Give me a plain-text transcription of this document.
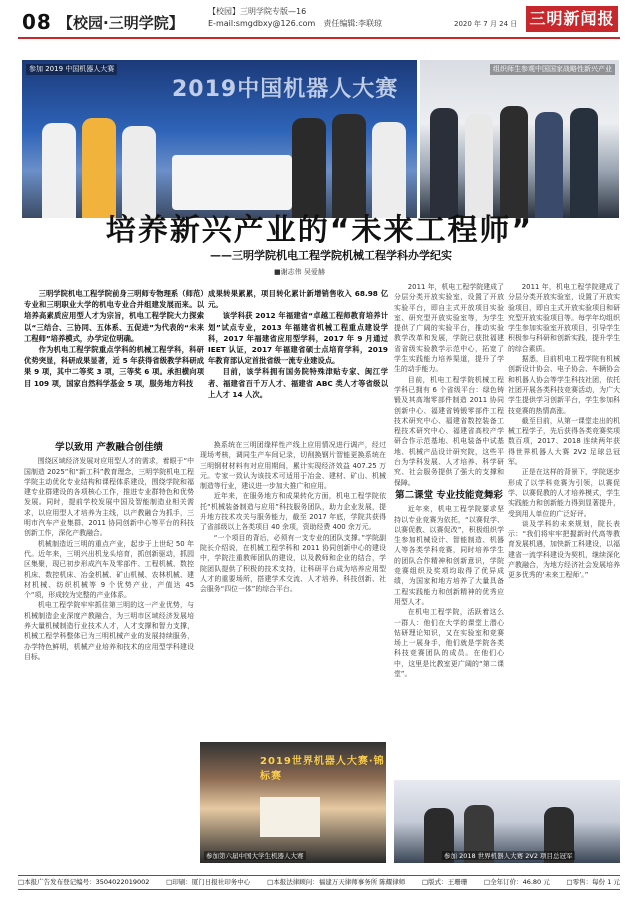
08 【校园·三明学院】
【校园】三明学院专版—16
E-mail:smgdbxy@126.com 责任编辑:李联琼	2020 年 7 月 24 日 三明新闻报
2019中国机器人大赛
参加 2019 中国机器人大赛	组织师生参观中国国家战略性新兴产业
培养新兴产业的“未来工程师”
——三明学院机电工程学院机械工程学科办学纪实
■谢志伟 吴爱赫
三明学院机电工程学院前身三明师专物理系（师范）专业和三明职业大学的机电专业合并组建发展而来。以培养高素质应用型人才为宗旨，机电工程学院大力探索以“三结合、三协同、五体系、五促进”为代表的“未来工程师”培养模式，办学定位明确。
作为机电工程学院重点学科的机械工程学科，科研优势突显，科研成果显著，近 5 年获得省级教学科研成果 9 项，其中二等奖 3 项，三等奖 6 项。承担横向项目 109 项，国家自然科学基金 5 项，服务地方科技
成果转果累累，项目转化累计新增销售收入 68.98 亿元。
该学科获 2012 年福建省“卓越工程师教育培养计划”试点专业，2013 年福建省机械工程重点建设学科，2017 年福建省应用型学科，2017 年 9 月通过 IEET 认证，2017 年福建省硕士点培育学科，2019 年教育部认定首批省级一流专业建设点。
目前，该学科拥有国务院特殊津贴专家、闽江学者、福建省百千万人才、福建省 ABC 类人才等省级以上人才 14 人次。
学以致用 产教融合创佳绩

围绕区域经济发展对应用型人才的需求，着眼于“中国制造 2025”和“新工科”教育理念，三明学院机电工程学院主动优化专业结构和课程体系建设，围绕学院和福建专业群建设的各项核心工作，推进专业群特色和优势发展。同时，提前学校发展中国及智能制造业相关需求，以应用型人才培养为主线，以产教融合为抓手，三明市汽车产业集群、2011 协同创新中心等平台的科技创新工作，深化产教融合。

机械制造近三明的重点产业，起步于上世纪 50 年代。近年来，三明兴出机龙头培育，抓创新驱动，抓园区集聚，现已初步形成汽车及零部件、工程机械、数控机床、数控机床、冶金机械、矿山机械、农林机械、建材机械、纺织机械等 9 个优势产业，产值达 45 个“项，形成较为完整的产业体系。

机电工程学院牢牢抓住第三明的这一产业优势，与机械制造企业深度产教融合，为三明市区域经济发展培养大量机械制造行业技术人才，人才支撑和智力支撑，机械工程学科整体已为三明机械产业的发展持续服务，办学特色鲜明，机械产业培养和技术的应用型学科建设目标。

换系统在三明团缘样性产线上应用情况进行调产，经过现场考核，调同生产车间记录，切削换钢片智能更换系统在三明钢材材料有对应用期间，累计实现经济效益 407.25 万元。专家一致认为该技术可适用于冶金、建材、矿山、机械制造等行业，建议进一步加大推广和应用。

近年来，在服务地方和成果转化方面，机电工程学院依托“机械装备制造与应用”科技服务团队，助力企业发展，提升地方技术攻关与服务能力，截至 2017 年底，学院共获得了省部级以上各类项目 40 余项，资助经费 400 余万元。

“一个项目的背后，必须有一支专业的团队支撑。”学院副院长介绍说，在机械工程学科和 2011 协同创新中心的建设中，学院注重教师团队的建设，以及教师和企业的结合，学院团队提供了积极的技术支持，让科研平台成为培养应用型人才的重要场所，搭建学术交流、人才培养、科技创新、社会服务“四位一体”的综合平台。

2011 年，机电工程学院建成了分层分类开放实验室，设置了开放实验平台，即自主式开放项目实验室、研究型开放实验室等，为学生提供了广阔的实验平台，推动实验教学改革和发展，学院已获批福建省省级实验教学示范中心，拓宽了学生实践能力培养渠道，提升了学生的动手能力。

目前，机电工程学院机械工程学科已拥有 6 个省级平台：绿色铸锻及其高端零部件制造 2011 协同创新中心、福建省铸锻零部件工程技术研究中心、福建省数控装备工程技术研究中心、福建省高校产学研合作示范基地、机电装备中试基地、机械产品设计研究院，这些平台为学科发展、人才培养、科学研究、社会服务提供了强大的支撑和保障。

第二课堂 专业技能竞舞彩

近年来，机电工程学院要求坚持以专业竞赛为依托，“以赛促学、以赛促教、以赛促改”，积极组织学生参加机械设计、智能制造、机器人等各类学科竞赛，同时培养学生的团队合作精神和创新意识，学院竞赛组织及奖项均取得了优异成绩，为国家和地方培养了大量具备工程实践能力和创新精神的优秀应用型人才。

在机电工程学院，活跃着这么一群人：他们在大学的课堂上潜心钻研理论知识，又在实验室和竞赛场上一展身手，他们就是学院各类科技竞赛团队的成员。在他们心中，这里是比教室更广阔的“第二课堂”。

2011 年，机电工程学院建成了分层分类开放实验室，设置了开放实验项目，即自主式开放实验项目和研究型开放实验项目等。每学年均组织学生参加实验室开放项目，引导学生积极参与科研和创新实践，提升学生的综合素质。

据悉，目前机电工程学院有机械创新设计协会、电子协会、车辆协会和机器人协会等学生科技社团，依托社团开展各类科技竞赛活动，为广大学生提供学习创新平台，学生参加科技竞赛的热情高涨。

截至目前，从第一课堂走出的机械工程学子，先后获得各类竞赛奖项数百项，2017、2018 连续两年获得世界机器人大赛 2V2 足球总冠军。

正是在这样的背景下，学院逐步形成了以学科竞赛为引领，以赛促学、以赛促教的人才培养模式，学生实践能力和创新能力得到显著提升，受到用人单位的广泛好评。

谈及学科的未来规划，院长表示：“我们将牢牢把握新时代高等教育发展机遇，加快新工科建设，以福建省一流学科建设为契机，继续深化产教融合，为地方经济社会发展培养更多优秀的‘未来工程师’。”

2019世界机器人大赛·锦标赛
参加第六届中国大学生机器人大赛	参加 2018 世界机器人大赛 2V2 项目总冠军
□本报广告发布登记编号：3504022019002	□印刷：厦门日报社印务中心	□本报法律顾问：福建万天律师事务所 陈耀律师	□版式：王珊珊	□全年订价：46.80 元	□零售：每份 1 元
